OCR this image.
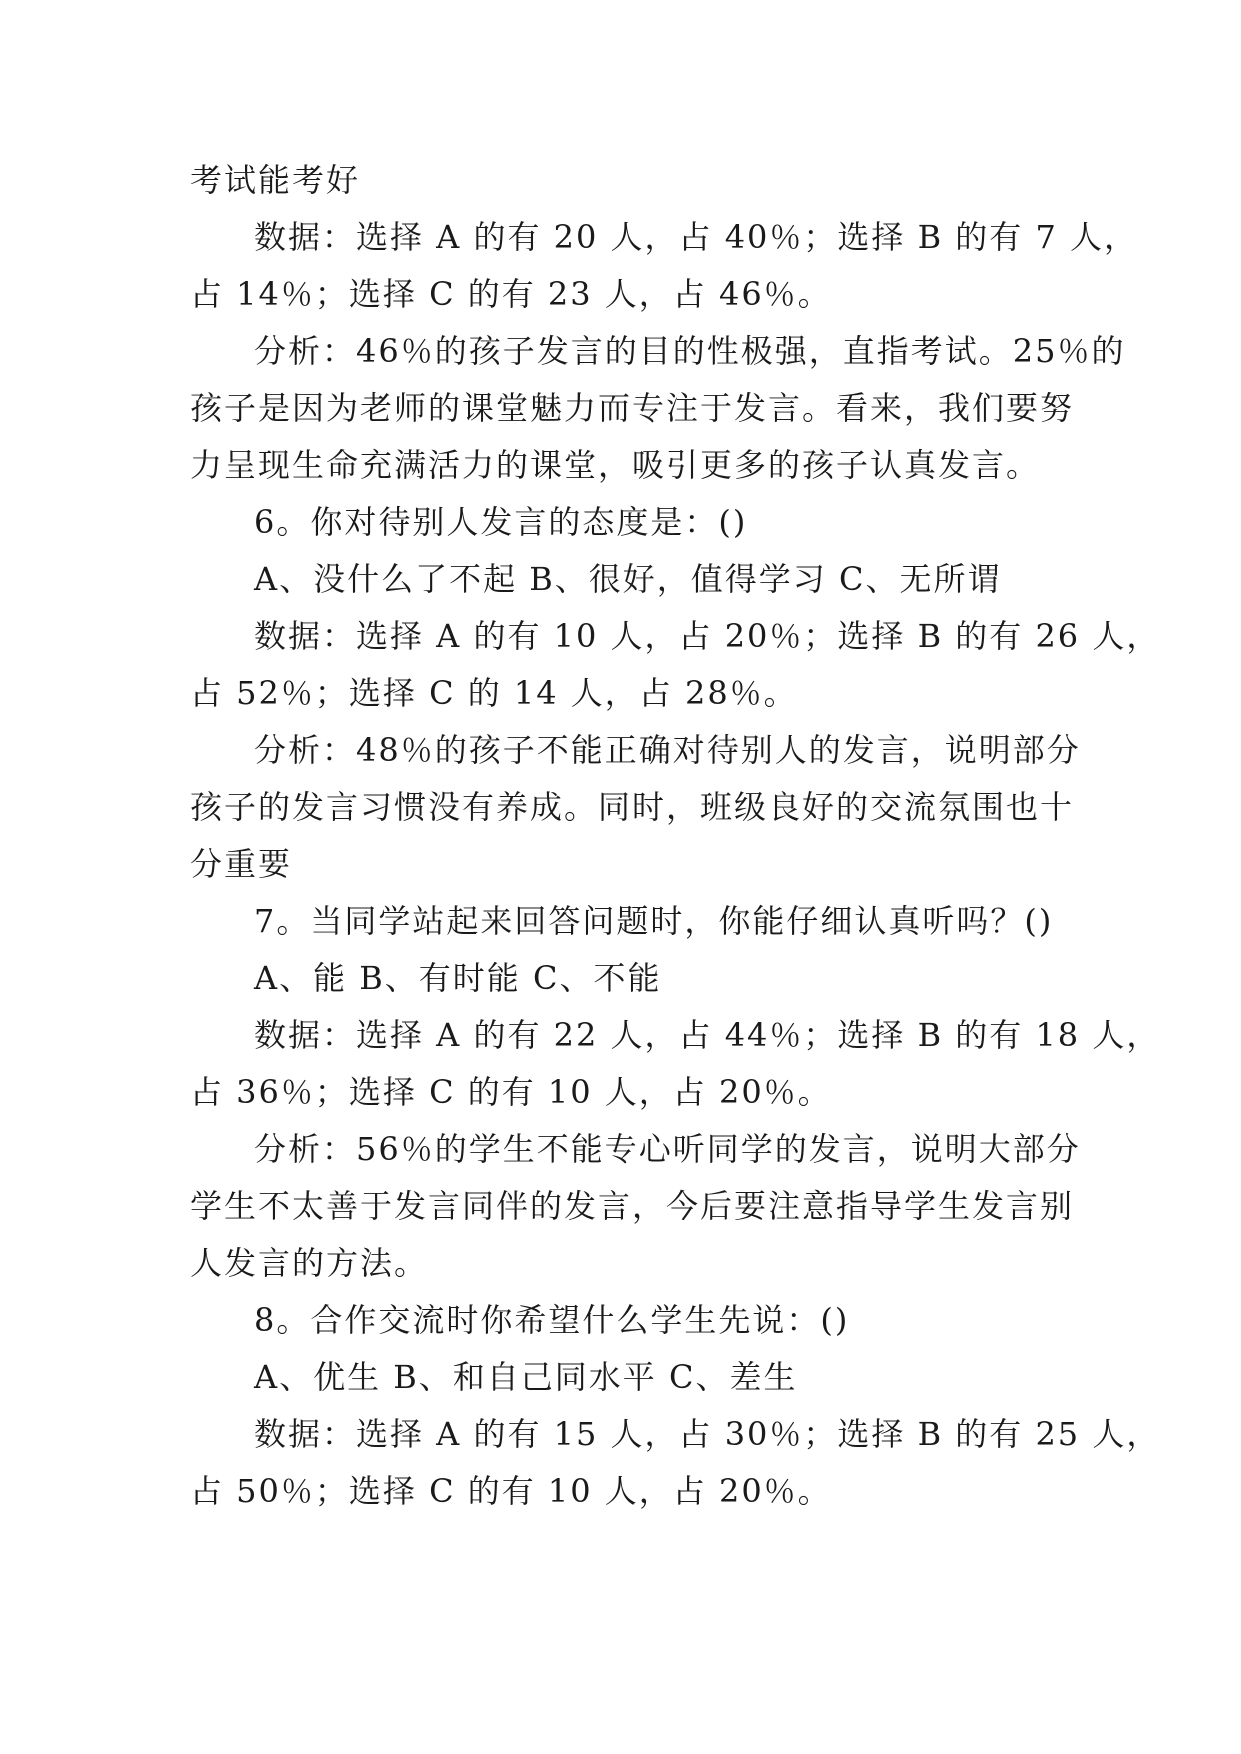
考试能考好
数据：选择 A 的有 20 人，占 40％；选择 B 的有 7 人，
占 14％；选择 C 的有 23 人，占 46％。
分析：46％的孩子发言的目的性极强，直指考试。25％的
孩子是因为老师的课堂魅力而专注于发言。看来，我们要努
力呈现生命充满活力的课堂，吸引更多的孩子认真发言。
6。你对待别人发言的态度是：()
A、没什么了不起 B、很好，值得学习 C、无所谓
数据：选择 A 的有 10 人，占 20％；选择 B 的有 26 人，
占 52％；选择 C 的 14 人，占 28％。
分析：48％的孩子不能正确对待别人的发言，说明部分
孩子的发言习惯没有养成。同时，班级良好的交流氛围也十
分重要
7。当同学站起来回答问题时，你能仔细认真听吗？()
A、能 B、有时能 C、不能
数据：选择 A 的有 22 人，占 44％；选择 B 的有 18 人，
占 36％；选择 C 的有 10 人，占 20％。
分析：56％的学生不能专心听同学的发言，说明大部分
学生不太善于发言同伴的发言，今后要注意指导学生发言别
人发言的方法。
8。合作交流时你希望什么学生先说：()
A、优生 B、和自己同水平 C、差生
数据：选择 A 的有 15 人，占 30％；选择 B 的有 25 人，
占 50％；选择 C 的有 10 人，占 20％。
